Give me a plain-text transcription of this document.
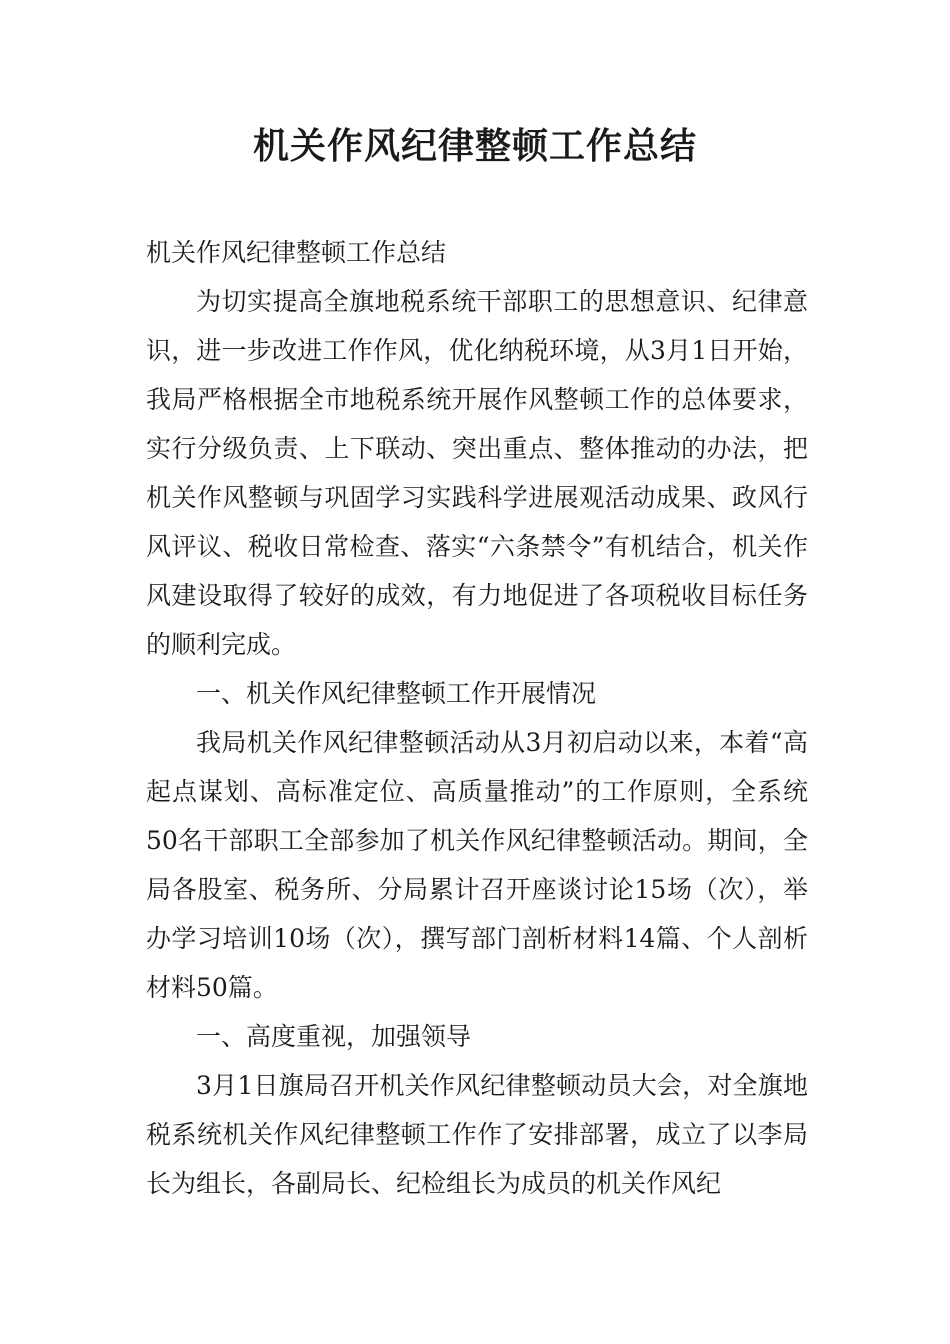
机关作风纪律整顿工作总结

机关作风纪律整顿工作总结

为切实提高全旗地税系统干部职工的思想意识、纪律意识，进一步改进工作作风，优化纳税环境，从3月1日开始，我局严格根据全市地税系统开展作风整顿工作的总体要求，实行分级负责、上下联动、突出重点、整体推动的办法，把机关作风整顿与巩固学习实践科学进展观活动成果、政风行风评议、税收日常检查、落实“六条禁令”有机结合，机关作风建设取得了较好的成效，有力地促进了各项税收目标任务的顺利完成。

一、机关作风纪律整顿工作开展情况

我局机关作风纪律整顿活动从3月初启动以来，本着“高起点谋划、高标准定位、高质量推动”的工作原则，全系统50名干部职工全部参加了机关作风纪律整顿活动。期间，全局各股室、税务所、分局累计召开座谈讨论15场（次），举办学习培训10场（次），撰写部门剖析材料14篇、个人剖析材料50篇。

一、高度重视，加强领导

3月1日旗局召开机关作风纪律整顿动员大会，对全旗地税系统机关作风纪律整顿工作作了安排部署，成立了以李局长为组长，各副局长、纪检组长为成员的机关作风纪
